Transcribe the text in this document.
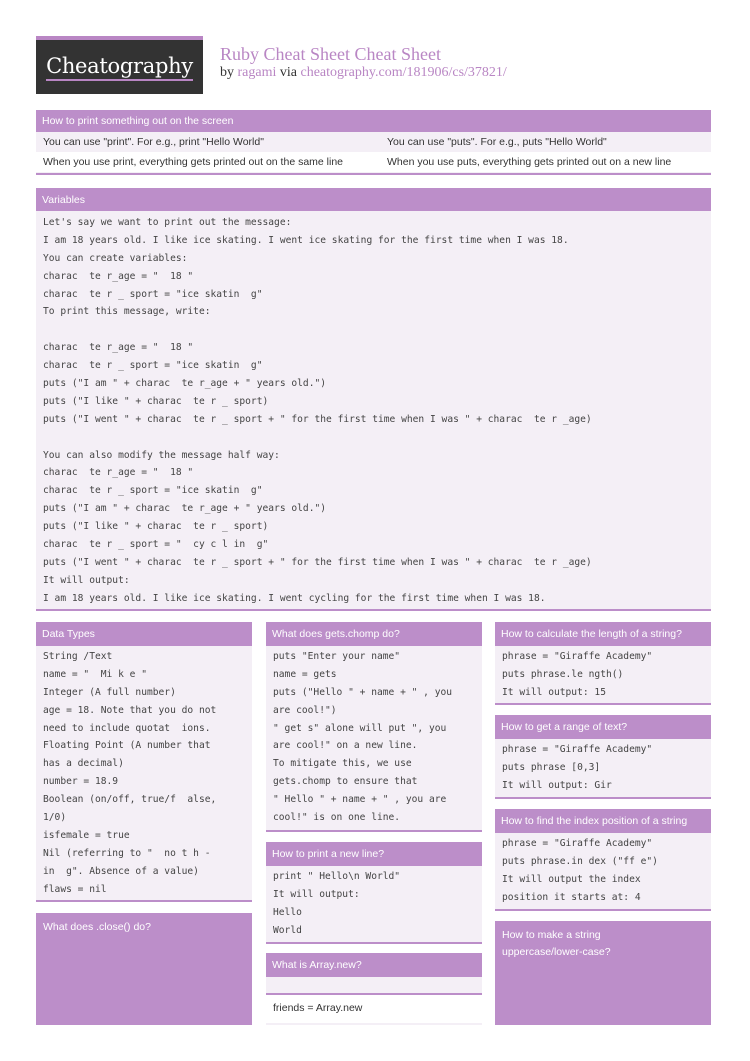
Cheatography Ruby Cheat Sheet Cheat Sheet
by ragami via cheatography.com/181906/cs/37821/
How to print something out on the screen
You can use "print". For e.g., print "Hello World"	You can use "puts". For e.g., puts "Hello World"
When you use print, everything gets printed out on the same line	When you use puts, everything gets printed out on a new line
Variables
Let's say we want to print out the message:
I am 18 years old. I like ice skating. I went ice skating for the first time when I was 18.
You can create variables:
charac  te r_age = "  18 "
charac  te r _ sport = "ice skatin  g"
To print this message, write:
charac  te r_age = "  18 "
charac  te r _ sport = "ice skatin  g"
puts ("I am " + charac  te r_age + " years old.")
puts ("I like " + charac  te r _ sport)
puts ("I went " + charac  te r _ sport + " for the first time when I was " + charac  te r _age)
You can also modify the message half way:
charac  te r_age = "  18 "
charac  te r _ sport = "ice skatin  g"
puts ("I am " + charac  te r_age + " years old.")
puts ("I like " + charac  te r _ sport)
charac  te r _ sport = "  cy c l in  g"
puts ("I went " + charac  te r _ sport + " for the first time when I was " + charac  te r _age)
It will output:
I am 18 years old. I like ice skating. I went cycling for the first time when I was 18.
Data Types
String /Text
name = "  Mi k e "
Integer (A full number)
age = 18. Note that you do not
need to include quotat  ions.
Floating Point (A number that
has a decimal)
number = 18.9
Boolean (on/off, true/f  alse,
1/0)
isfemale = true
Nil (referring to "  no t h -
in  g". Absence of a value)
flaws = nil
What does .close() do?
What does gets.chomp do?
puts "Enter your name"
name = gets
puts ("Hello " + name + " , you
are cool!")
" get s" alone will put ", you
are cool!" on a new line.
To mitigate this, we use
gets.chomp to ensure that
" Hello " + name + " , you are
cool!" is on one line.
How to print a new line?
print " Hello\n World"
It will output:
Hello
World
What is Array.new?
friends = Array.new
How to calculate the length of a string?
phrase = "Giraffe Academy"
puts phrase.le ngth()
It will output: 15
How to get a range of text?
phrase = "Giraffe Academy"
puts phrase [0,3]
It will output: Gir
How to find the index position of a string
phrase = "Giraffe Academy"
puts phrase.in dex ("ff e")
It will output the index
position it starts at: 4
How to make a string uppercase/lower-case?
